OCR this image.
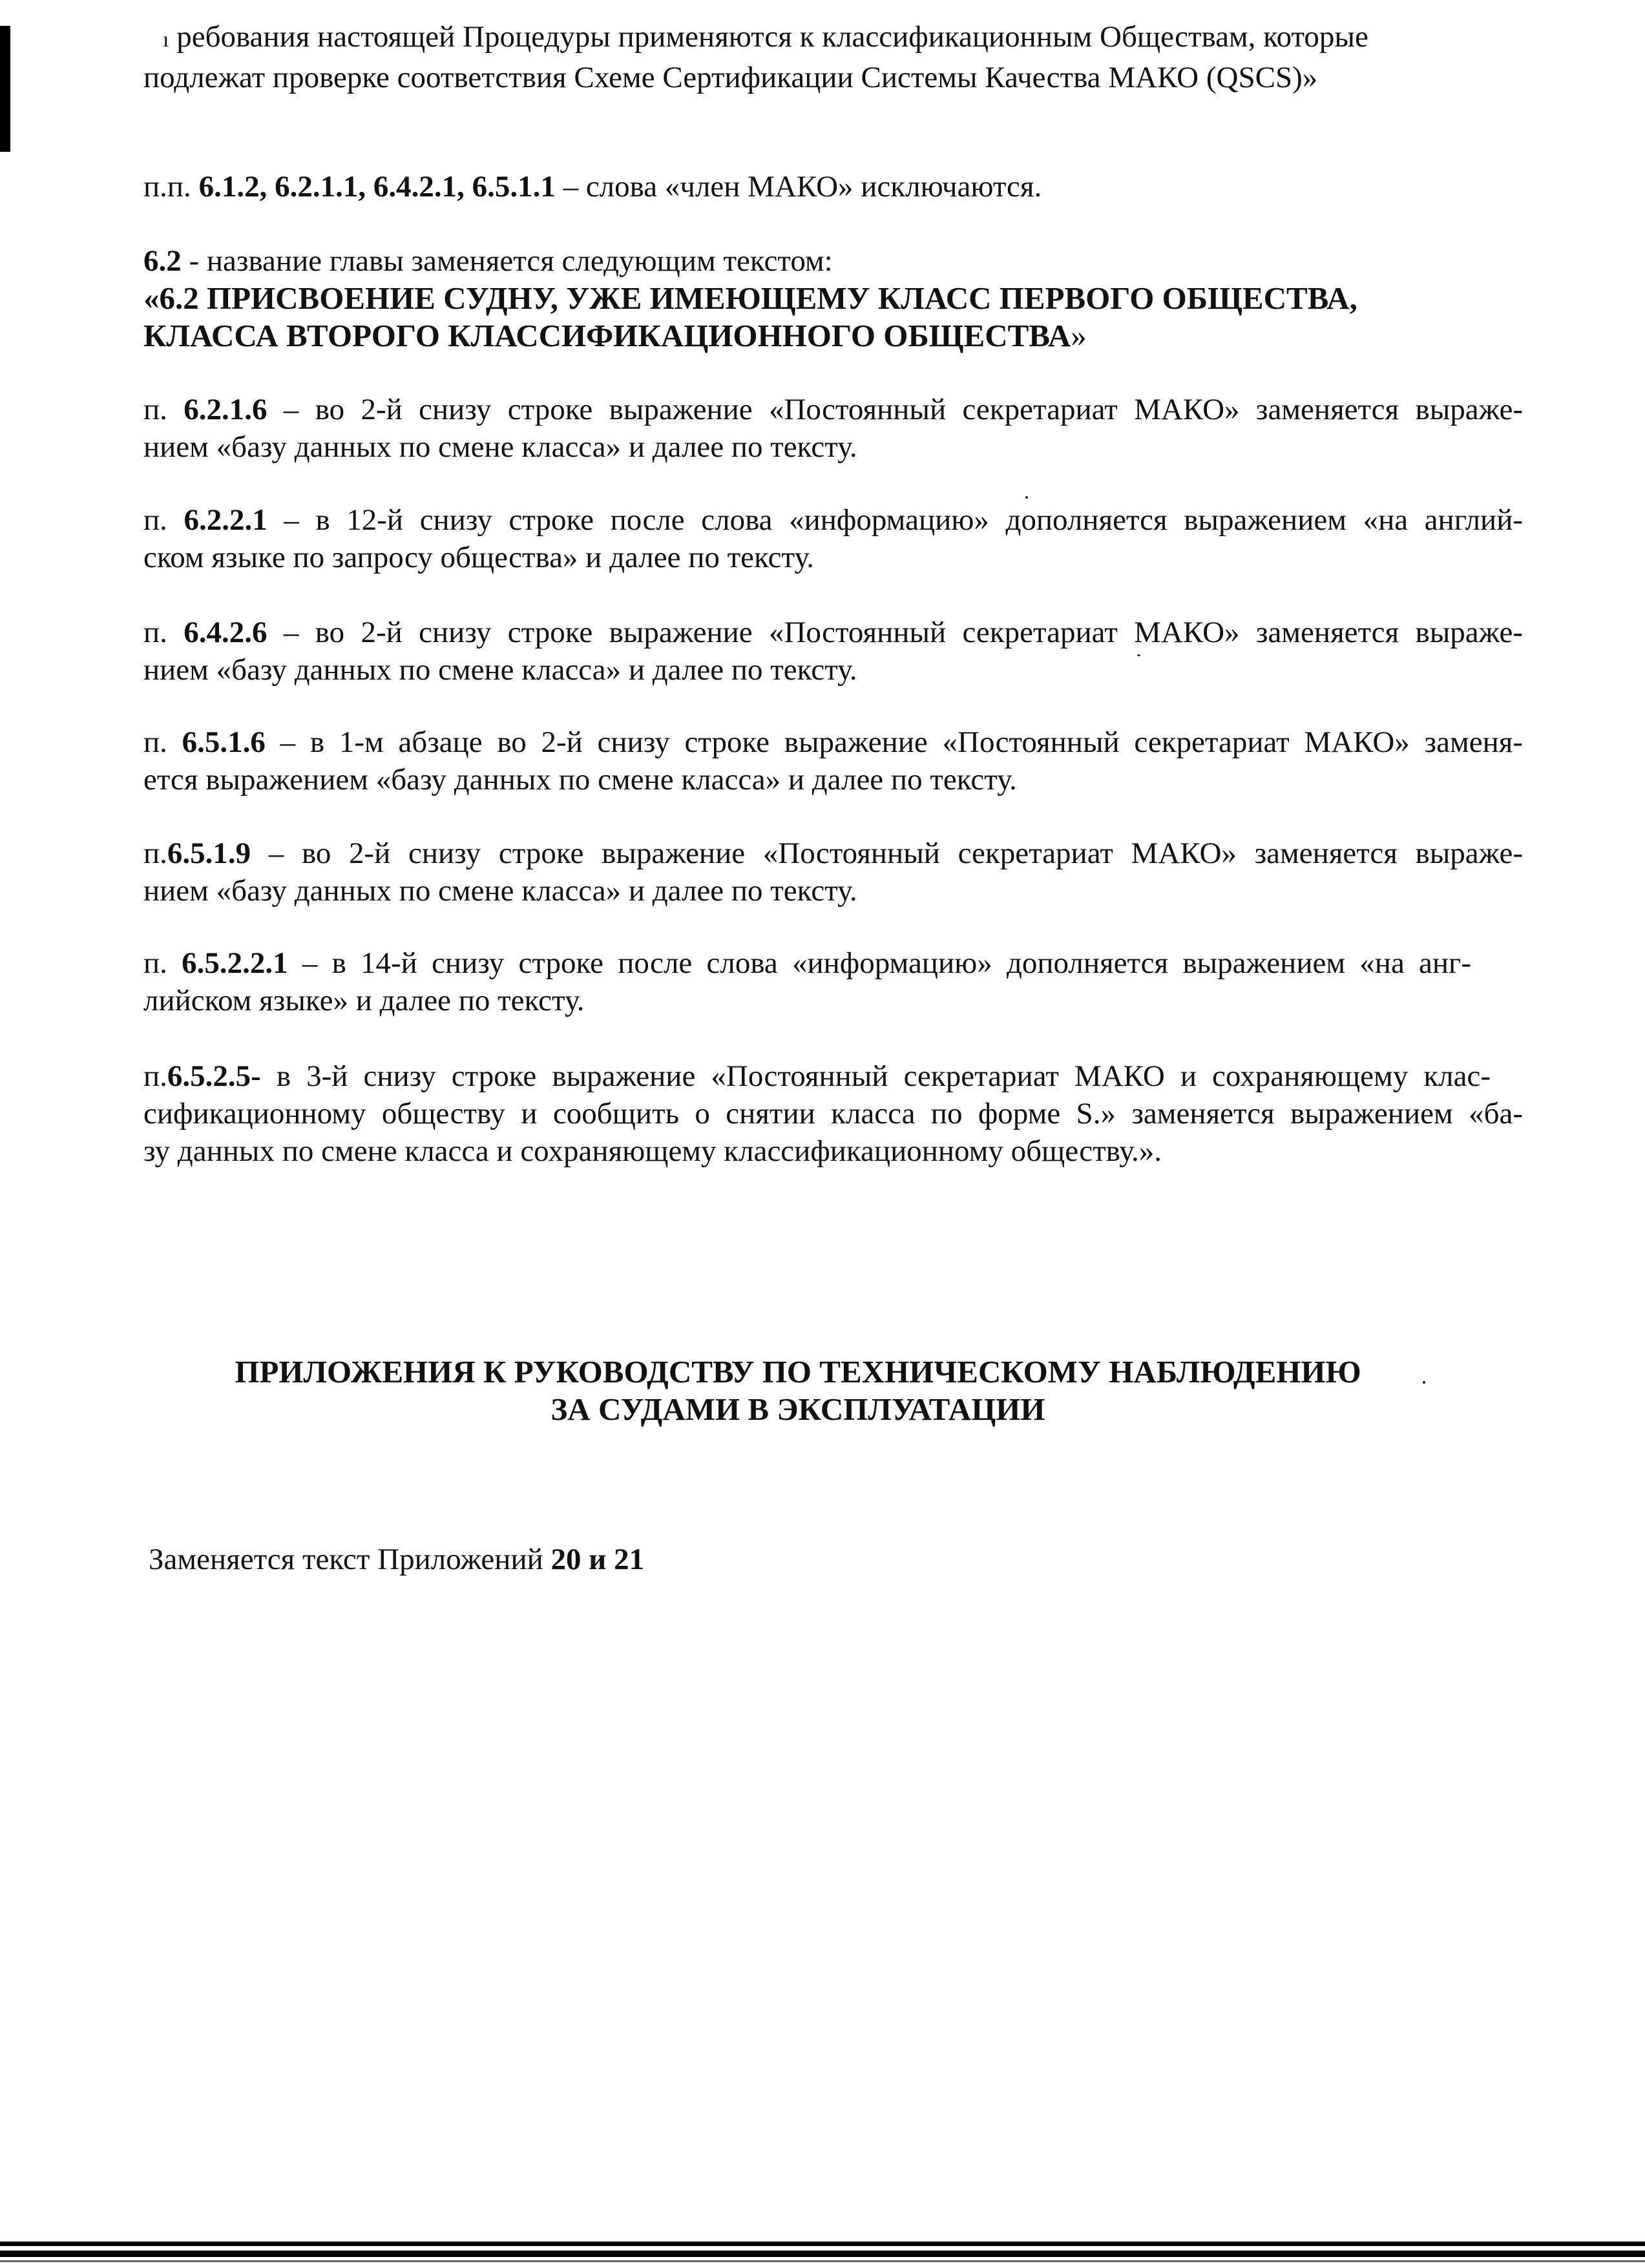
ı ребования настоящей Процедуры применяются к классификационным Обществам, которые
подлежат проверке соответствия Схеме Сертификации Системы Качества МАКО (QSCS)»
п.п. 6.1.2, 6.2.1.1, 6.4.2.1, 6.5.1.1 – слова «член МАКО» исключаются.
6.2 - название главы заменяется следующим текстом:
«6.2 ПРИСВОЕНИЕ СУДНУ, УЖЕ ИМЕЮЩЕМУ КЛАСС ПЕРВОГО ОБЩЕСТВА,
КЛАССА ВТОРОГО КЛАССИФИКАЦИОННОГО ОБЩЕСТВА»
п. 6.2.1.6 – во 2-й снизу строке выражение «Постоянный секретариат МАКО» заменяется выраже-
нием «базу данных по смене класса» и далее по тексту.
п. 6.2.2.1 – в 12-й снизу строке после слова «информацию» дополняется выражением «на англий-
ском языке по запросу общества» и далее по тексту.
п. 6.4.2.6 – во 2-й снизу строке выражение «Постоянный секретариат МАКО» заменяется выраже-
нием «базу данных по смене класса» и далее по тексту.
п. 6.5.1.6 – в 1-м абзаце во 2-й снизу строке выражение «Постоянный секретариат МАКО» заменя-
ется выражением «базу данных по смене класса» и далее по тексту.
п.6.5.1.9 – во 2-й снизу строке выражение «Постоянный секретариат МАКО» заменяется выраже-
нием «базу данных по смене класса» и далее по тексту.
п. 6.5.2.2.1 – в 14-й снизу строке после слова «информацию» дополняется выражением «на анг-
лийском языке» и далее по тексту.
п.6.5.2.5- в 3-й снизу строке выражение «Постоянный секретариат МАКО и сохраняющему клас-
сификационному обществу и сообщить о снятии класса по форме S.» заменяется выражением «ба-
зу данных по смене класса и сохраняющему классификационному обществу.».
ПРИЛОЖЕНИЯ К РУКОВОДСТВУ ПО ТЕХНИЧЕСКОМУ НАБЛЮДЕНИЮ
ЗА СУДАМИ В ЭКСПЛУАТАЦИИ
Заменяется текст Приложений 20 и 21
